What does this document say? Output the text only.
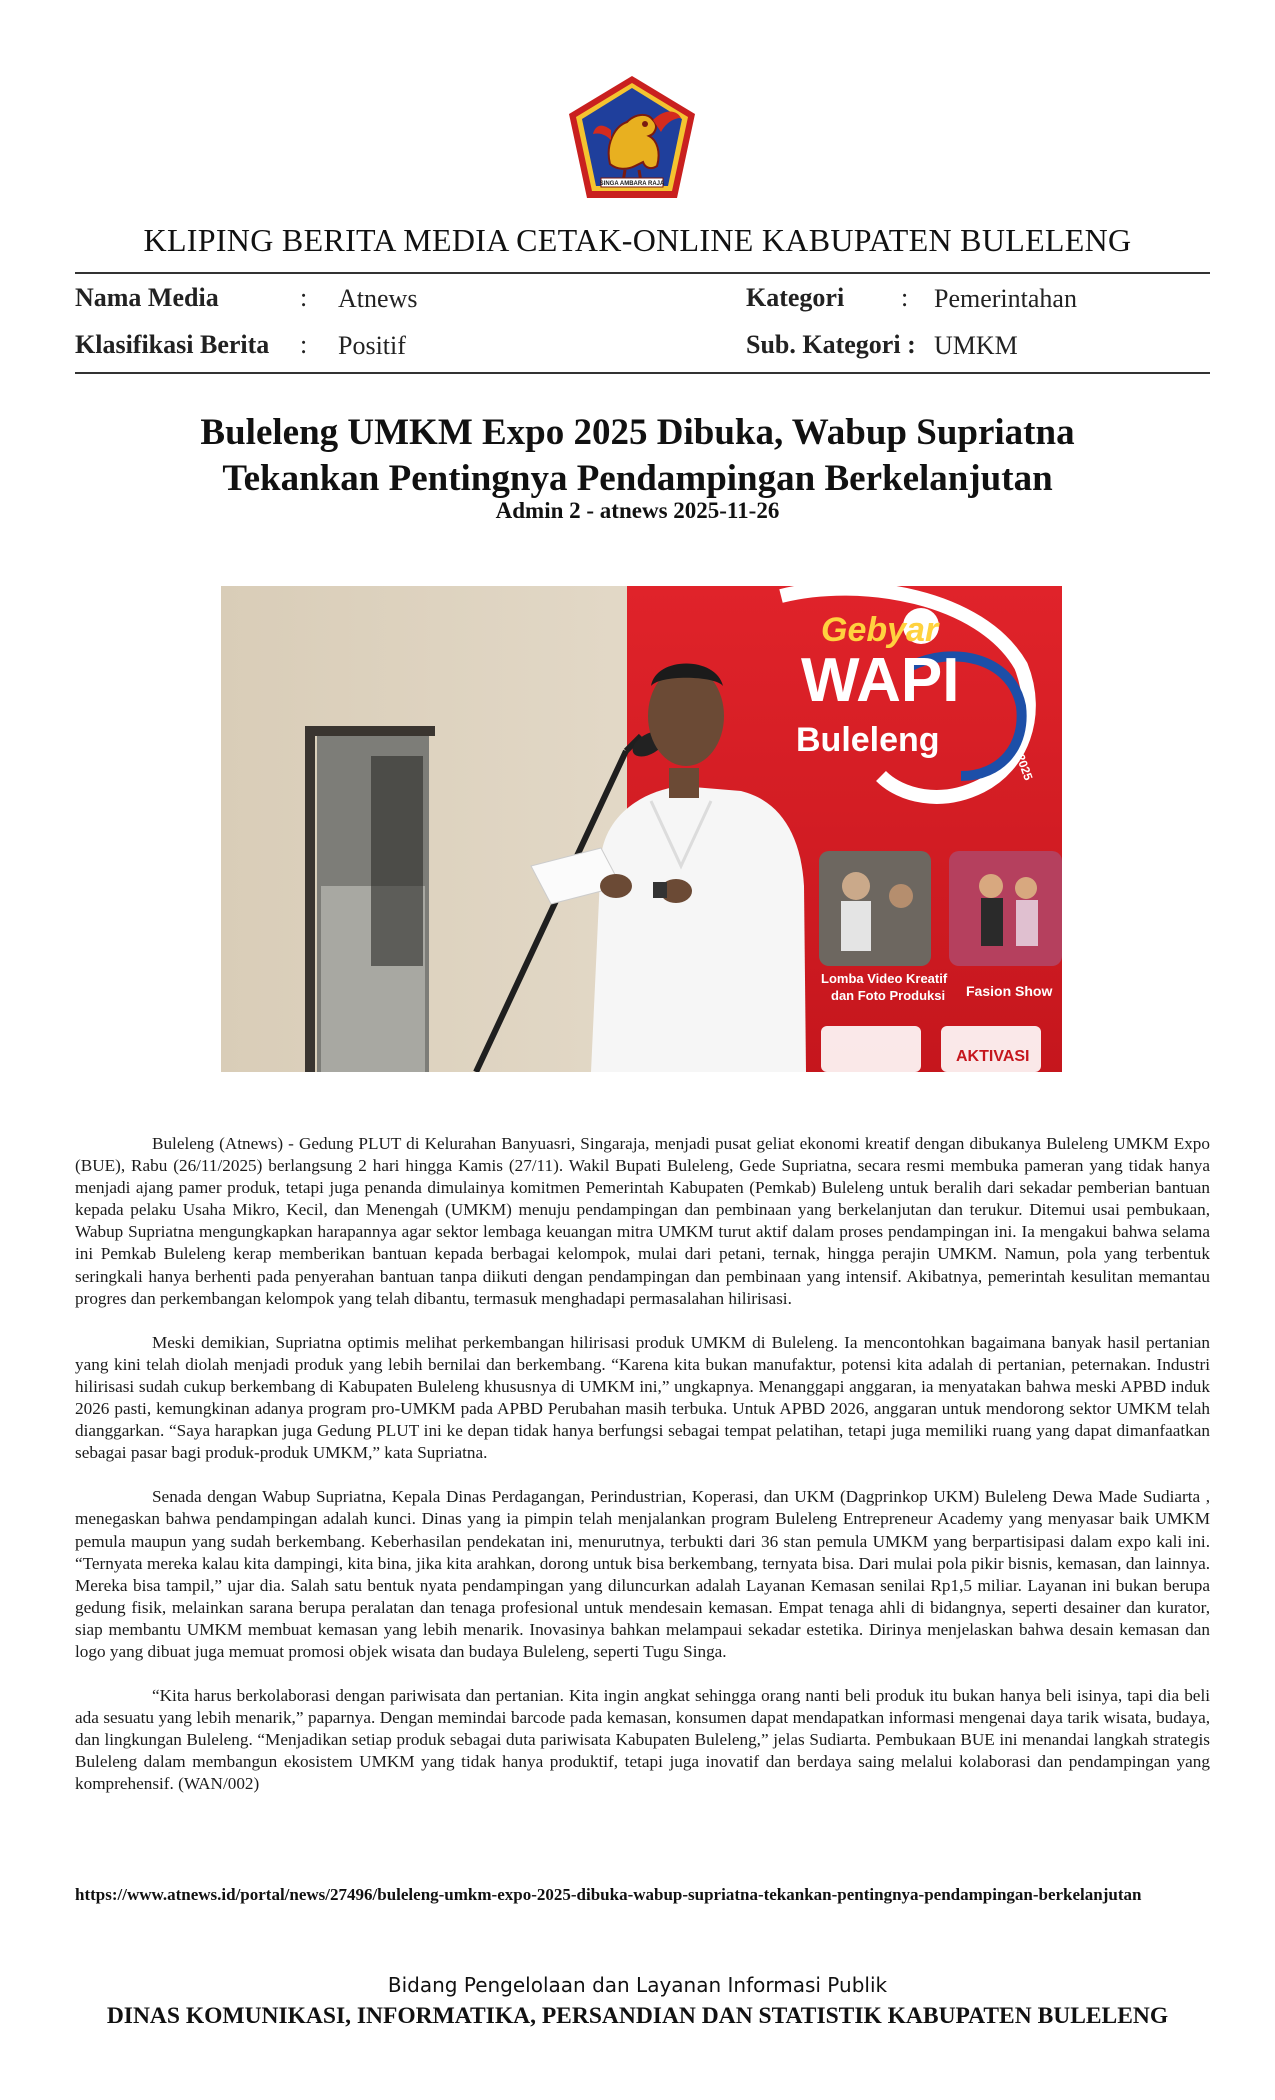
SINGA AMBARA RAJA
KLIPING BERITA MEDIA CETAK-ONLINE KABUPATEN BULELENG
Nama Media	: Atnews	Kategori : Pemerintahan
Klasifikasi Berita : Positif	Sub. Kategori : UMKM
Buleleng UMKM Expo 2025 Dibuka, Wabup Supriatna
Tekankan Pentingnya Pendampingan Berkelanjutan
Admin 2 - atnews 2025-11-26
Gebyar
WAPI
Buleleng
2025
Lomba Video Kreatif
dan Foto Produksi Fasion Show
AKTIVASI

Buleleng (Atnews) - Gedung PLUT di Kelurahan Banyuasri, Singaraja, menjadi pusat geliat ekonomi kreatif dengan dibukanya Buleleng UMKM Expo (BUE), Rabu (26/11/2025) berlangsung 2 hari hingga Kamis (27/11). Wakil Bupati Buleleng, Gede Supriatna, secara resmi membuka pameran yang tidak hanya menjadi ajang pamer produk, tetapi juga penanda dimulainya komitmen Pemerintah Kabupaten (Pemkab) Buleleng untuk beralih dari sekadar pemberian bantuan kepada pelaku Usaha Mikro, Kecil, dan Menengah (UMKM) menuju pendampingan dan pembinaan yang berkelanjutan dan terukur. Ditemui usai pembukaan, Wabup Supriatna mengungkapkan harapannya agar sektor lembaga keuangan mitra UMKM turut aktif dalam proses pendampingan ini. Ia mengakui bahwa selama ini Pemkab Buleleng kerap memberikan bantuan kepada berbagai kelompok, mulai dari petani, ternak, hingga perajin UMKM. Namun, pola yang terbentuk seringkali hanya berhenti pada penyerahan bantuan tanpa diikuti dengan pendampingan dan pembinaan yang intensif. Akibatnya, pemerintah kesulitan memantau progres dan perkembangan kelompok yang telah dibantu, termasuk menghadapi permasalahan hilirisasi.

Meski demikian, Supriatna optimis melihat perkembangan hilirisasi produk UMKM di Buleleng. Ia mencontohkan bagaimana banyak hasil pertanian yang kini telah diolah menjadi produk yang lebih bernilai dan berkembang. “Karena kita bukan manufaktur, potensi kita adalah di pertanian, peternakan. Industri hilirisasi sudah cukup berkembang di Kabupaten Buleleng khususnya di UMKM ini,” ungkapnya. Menanggapi anggaran, ia menyatakan bahwa meski APBD induk 2026 pasti, kemungkinan adanya program pro-UMKM pada APBD Perubahan masih terbuka. Untuk APBD 2026, anggaran untuk mendorong sektor UMKM telah dianggarkan. “Saya harapkan juga Gedung PLUT ini ke depan tidak hanya berfungsi sebagai tempat pelatihan, tetapi juga memiliki ruang yang dapat dimanfaatkan sebagai pasar bagi produk-produk UMKM,” kata Supriatna.

Senada dengan Wabup Supriatna, Kepala Dinas Perdagangan, Perindustrian, Koperasi, dan UKM (Dagprinkop UKM) Buleleng Dewa Made Sudiarta , menegaskan bahwa pendampingan adalah kunci. Dinas yang ia pimpin telah menjalankan program Buleleng Entrepreneur Academy yang menyasar baik UMKM pemula maupun yang sudah berkembang. Keberhasilan pendekatan ini, menurutnya, terbukti dari 36 stan pemula UMKM yang berpartisipasi dalam expo kali ini. “Ternyata mereka kalau kita dampingi, kita bina, jika kita arahkan, dorong untuk bisa berkembang, ternyata bisa. Dari mulai pola pikir bisnis, kemasan, dan lainnya. Mereka bisa tampil,” ujar dia. Salah satu bentuk nyata pendampingan yang diluncurkan adalah Layanan Kemasan senilai Rp1,5 miliar. Layanan ini bukan berupa gedung fisik, melainkan sarana berupa peralatan dan tenaga profesional untuk mendesain kemasan. Empat tenaga ahli di bidangnya, seperti desainer dan kurator, siap membantu UMKM membuat kemasan yang lebih menarik. Inovasinya bahkan melampaui sekadar estetika. Dirinya menjelaskan bahwa desain kemasan dan logo yang dibuat juga memuat promosi objek wisata dan budaya Buleleng, seperti Tugu Singa.

“Kita harus berkolaborasi dengan pariwisata dan pertanian. Kita ingin angkat sehingga orang nanti beli produk itu bukan hanya beli isinya, tapi dia beli ada sesuatu yang lebih menarik,” paparnya. Dengan memindai barcode pada kemasan, konsumen dapat mendapatkan informasi mengenai daya tarik wisata, budaya, dan lingkungan Buleleng. “Menjadikan setiap produk sebagai duta pariwisata Kabupaten Buleleng,” jelas Sudiarta. Pembukaan BUE ini menandai langkah strategis Buleleng dalam membangun ekosistem UMKM yang tidak hanya produktif, tetapi juga inovatif dan berdaya saing melalui kolaborasi dan pendampingan yang komprehensif. (WAN/002)

https://www.atnews.id/portal/news/27496/buleleng-umkm-expo-2025-dibuka-wabup-supriatna-tekankan-pentingnya-pendampingan-berkelanjutan
Bidang Pengelolaan dan Layanan Informasi Publik
DINAS KOMUNIKASI, INFORMATIKA, PERSANDIAN DAN STATISTIK KABUPATEN BULELENG
